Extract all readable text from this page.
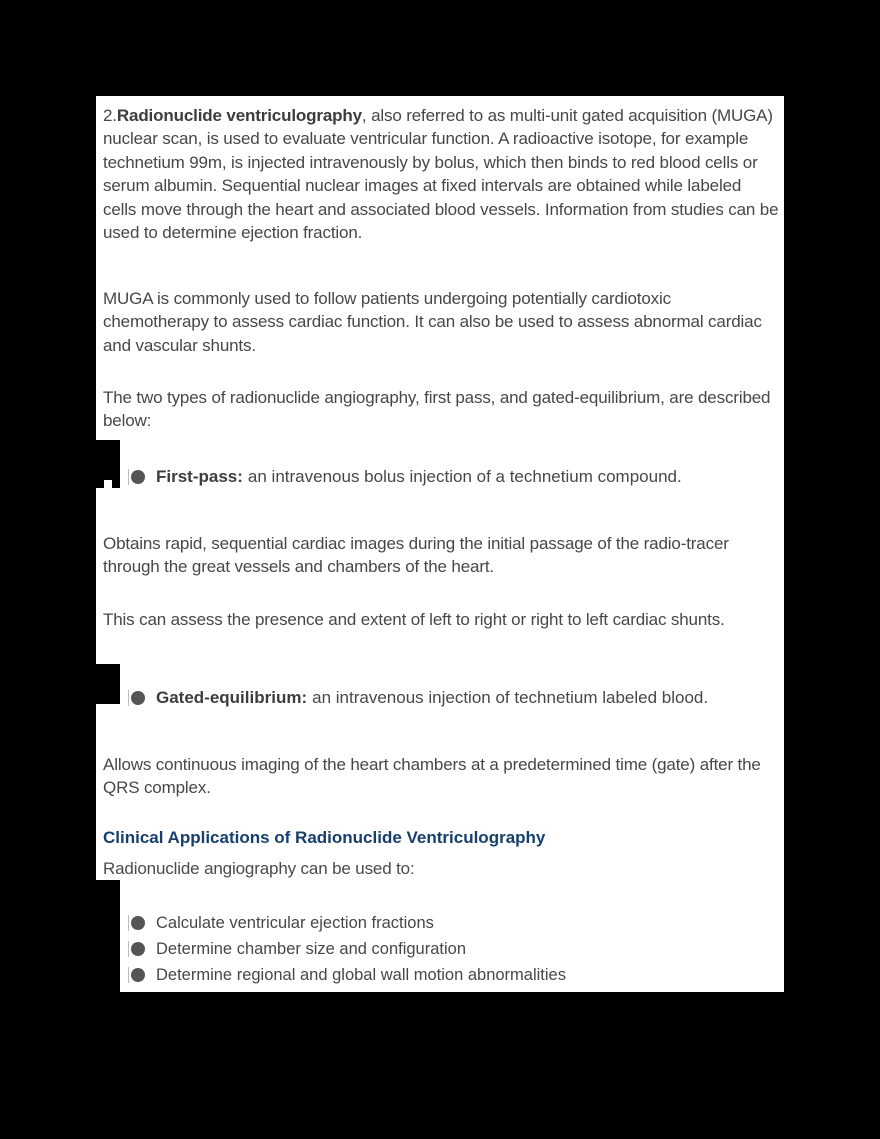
2.Radionuclide ventriculography, also referred to as multi-unit gated acquisition (MUGA) nuclear scan, is used to evaluate ventricular function. A radioactive isotope, for example technetium 99m, is injected intravenously by bolus, which then binds to red blood cells or serum albumin. Sequential nuclear images at fixed intervals are obtained while labeled cells move through the heart and associated blood vessels. Information from studies can be used to determine ejection fraction.
MUGA is commonly used to follow patients undergoing potentially cardiotoxic chemotherapy to assess cardiac function. It can also be used to assess abnormal cardiac and vascular shunts.
The two types of radionuclide angiography, first pass, and gated-equilibrium, are described below:
First-pass: an intravenous bolus injection of a technetium compound.
Obtains rapid, sequential cardiac images during the initial passage of the radio-tracer through the great vessels and chambers of the heart.
This can assess the presence and extent of left to right or right to left cardiac shunts.
Gated-equilibrium: an intravenous injection of technetium labeled blood.
Allows continuous imaging of the heart chambers at a predetermined time (gate) after the QRS complex.
Clinical Applications of Radionuclide Ventriculography
Radionuclide angiography can be used to:
Calculate ventricular ejection fractions
Determine chamber size and configuration
Determine regional and global wall motion abnormalities
